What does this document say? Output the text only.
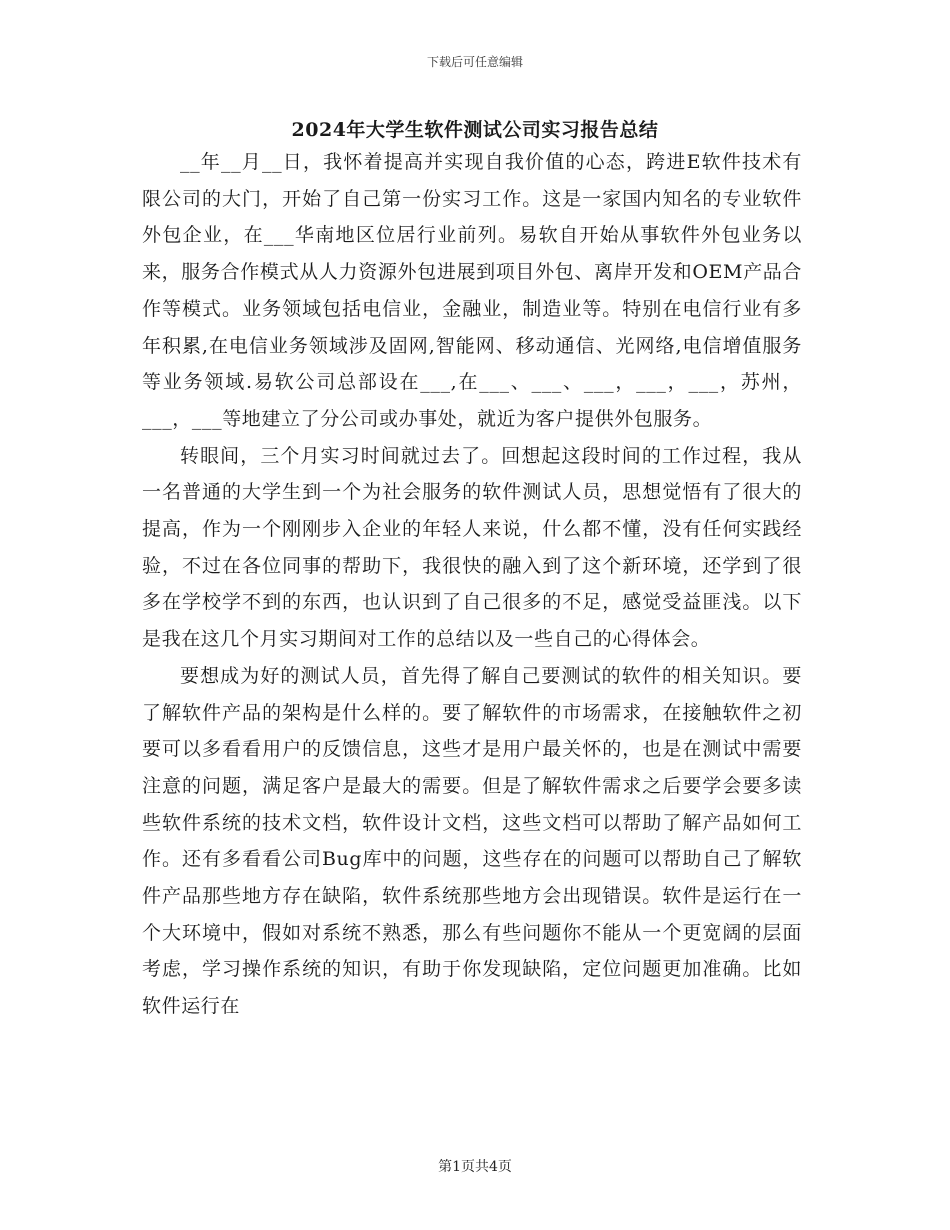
下载后可任意编辑
2024年大学生软件测试公司实习报告总结

__年__月__日，我怀着提高并实现自我价值的心态，跨进E软件技术有限公司的大门，开始了自己第一份实习工作。这是一家国内知名的专业软件外包企业，在___华南地区位居行业前列。易软自开始从事软件外包业务以来，服务合作模式从人力资源外包进展到项目外包、离岸开发和OEM产品合作等模式。业务领域包括电信业，金融业，制造业等。特别在电信行业有多年积累,在电信业务领域涉及固网,智能网、移动通信、光网络,电信增值服务等业务领域.易软公司总部设在___,在___、___、___，___，___，苏州，___，___等地建立了分公司或办事处，就近为客户提供外包服务。

转眼间，三个月实习时间就过去了。回想起这段时间的工作过程，我从一名普通的大学生到一个为社会服务的软件测试人员，思想觉悟有了很大的提高，作为一个刚刚步入企业的年轻人来说，什么都不懂，没有任何实践经验，不过在各位同事的帮助下，我很快的融入到了这个新环境，还学到了很多在学校学不到的东西，也认识到了自己很多的不足，感觉受益匪浅。以下是我在这几个月实习期间对工作的总结以及一些自己的心得体会。

要想成为好的测试人员，首先得了解自己要测试的软件的相关知识。要了解软件产品的架构是什么样的。要了解软件的市场需求，在接触软件之初要可以多看看用户的反馈信息，这些才是用户最关怀的，也是在测试中需要注意的问题，满足客户是最大的需要。但是了解软件需求之后要学会要多读些软件系统的技术文档，软件设计文档，这些文档可以帮助了解产品如何工作。还有多看看公司Bug库中的问题，这些存在的问题可以帮助自己了解软件产品那些地方存在缺陷，软件系统那些地方会出现错误。软件是运行在一个大环境中，假如对系统不熟悉，那么有些问题你不能从一个更宽阔的层面考虑，学习操作系统的知识，有助于你发现缺陷，定位问题更加准确。比如软件运行在

第1页共4页
